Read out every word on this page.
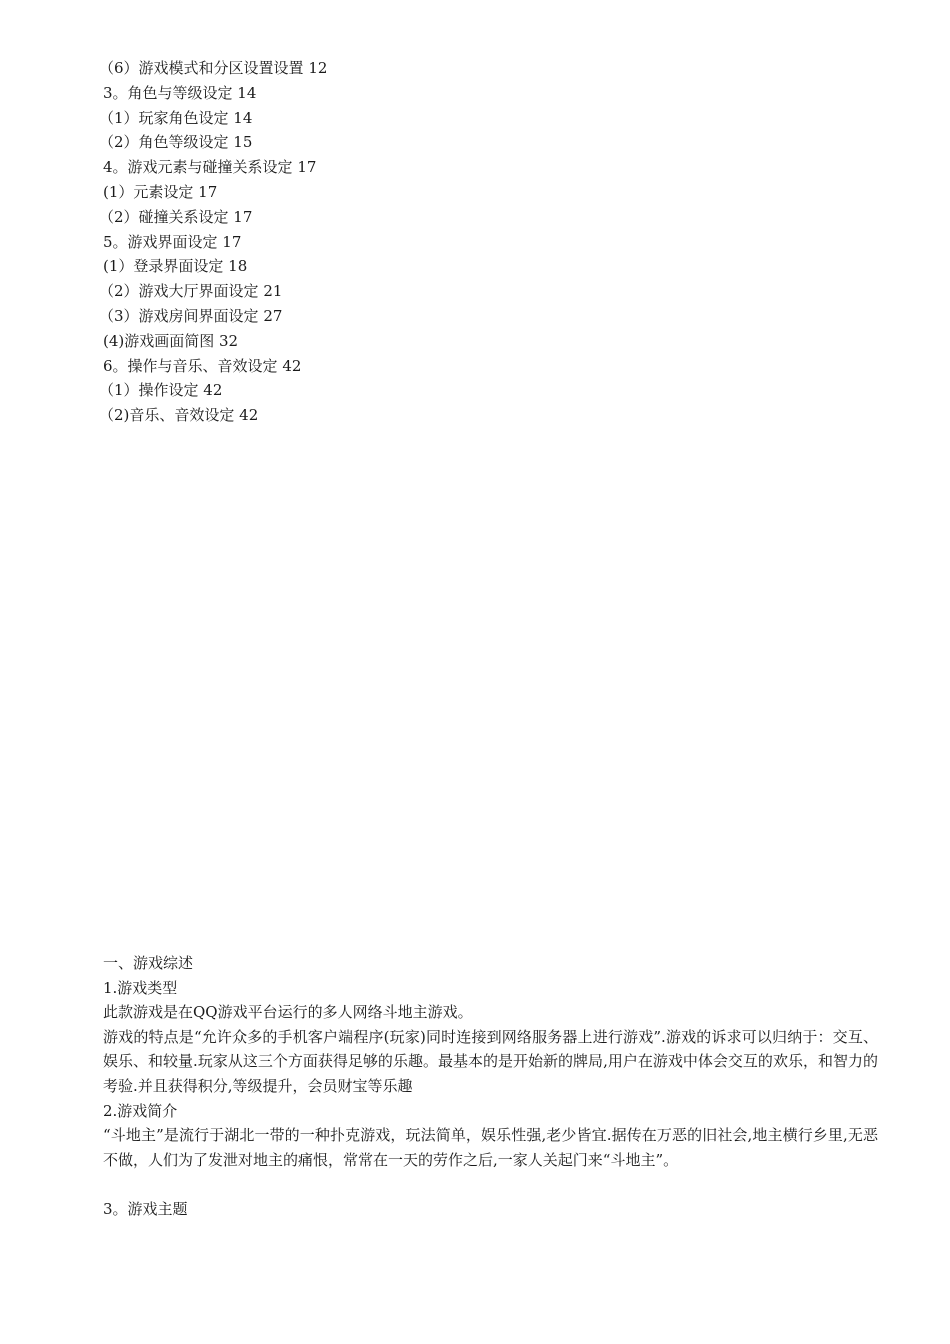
（6）游戏模式和分区设置设置 12
3。角色与等级设定 14
（1）玩家角色设定 14
（2）角色等级设定 15
4。游戏元素与碰撞关系设定 17
(1）元素设定 17
（2）碰撞关系设定 17
5。游戏界面设定 17
(1）登录界面设定 18
（2）游戏大厅界面设定 21
（3）游戏房间界面设定 27
(4)游戏画面简图 32
6。操作与音乐、音效设定 42
（1）操作设定 42
（2)音乐、音效设定 42
一、游戏综述
1.游戏类型
此款游戏是在QQ游戏平台运行的多人网络斗地主游戏。
游戏的特点是“允许众多的手机客户端程序(玩家)同时连接到网络服务器上进行游戏”.游戏的诉求可以归纳于：交互、娱乐、和较量.玩家从这三个方面获得足够的乐趣。最基本的是开始新的牌局,用户在游戏中体会交互的欢乐，和智力的考验.并且获得积分,等级提升，会员财宝等乐趣
2.游戏简介
“斗地主”是流行于湖北一带的一种扑克游戏，玩法简单，娱乐性强,老少皆宜.据传在万恶的旧社会,地主横行乡里,无恶不做，人们为了发泄对地主的痛恨，常常在一天的劳作之后,一家人关起门来“斗地主”。
3。游戏主题
